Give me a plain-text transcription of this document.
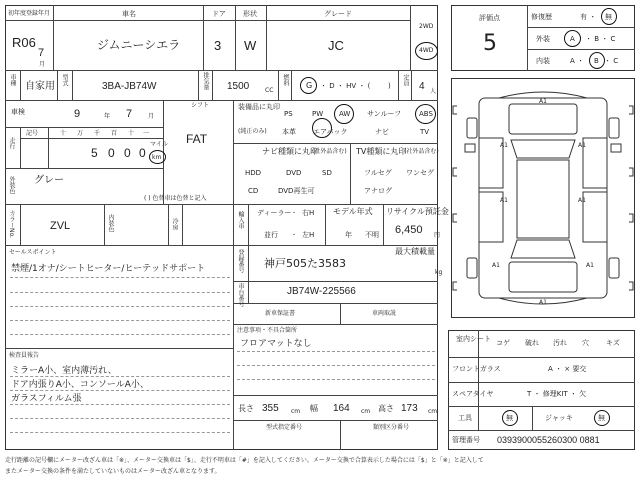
初年度登録年月	車名	ドア 形状	グレード
R06
7
月
ジムニーシエラ	3 W	JC
2WD
4WD
車種
自家用
型式
3BA-JB74W	排気量 1500	CC
燃料 G ・ D ・ HV ・ (	) 定員
4 人
車検	9	年 7	月
シフト
FAT
走行
記号	十 万 千 百 十 一
5 0 0 0
マイル
km
外装色 グレー
( ) 色替車は色替と記入
カラーNo.	ZVL	内装色	冷房
セールスポイント
禁煙/1オナ/シートヒーター/ヒーテッドサポート
検査員報告
ミラーA小、室内薄汚れ、
ドア内張りA小、コンソールA小、
ガラスフィルム張
装備品に丸印
(純正のみ)
PS	PW AW サンルーフ	ABS
本革 エアバック	ナビ	TV
ナビ種類に丸印
(社外品含む)
HDD	DVD	SD
CD	DVD再生可
TV種類に丸印
(社外品含む)
フルセグ ワンセグ
アナログ
輸入車 ディーラー
並行
右H
左H
・
・
モデル年式
年 不明
リサイクル預託金
6,450 円
登録番号 神戸505た3583
最大積載量
kg
車台番号	JB74W-225566
新車保証書	車両取説
注意事項・不具合箇所
フロアマットなし
長さ 355 cm 幅 164 cm 高さ 173 cm
型式指定番号	類別区分番号
評価点
5
修復歴	有 ・ 無
外装	A ・ B ・ C
内装	A ・ B ・ C
A1
A1	A1
A1	A1
A1	A1
A1
室内シート コゲ 破れ 汚れ 穴 キズ
フロントガラス	A ・ × 要交
スペアタイヤ	T ・ 修理KIT ・ 欠
工具	無	ジャッキ	無
管理番号 0393900055260300 0881
走行距離の記号欄にメーター改ざん車は「※」、メーター交換車は「$」、走行不明車は「#」を記入してください。メーター交換で合算表示した場合には「$」と「※」と記入して
またメーター交換の条件を満たしていないものはメーター改ざん車となります。
